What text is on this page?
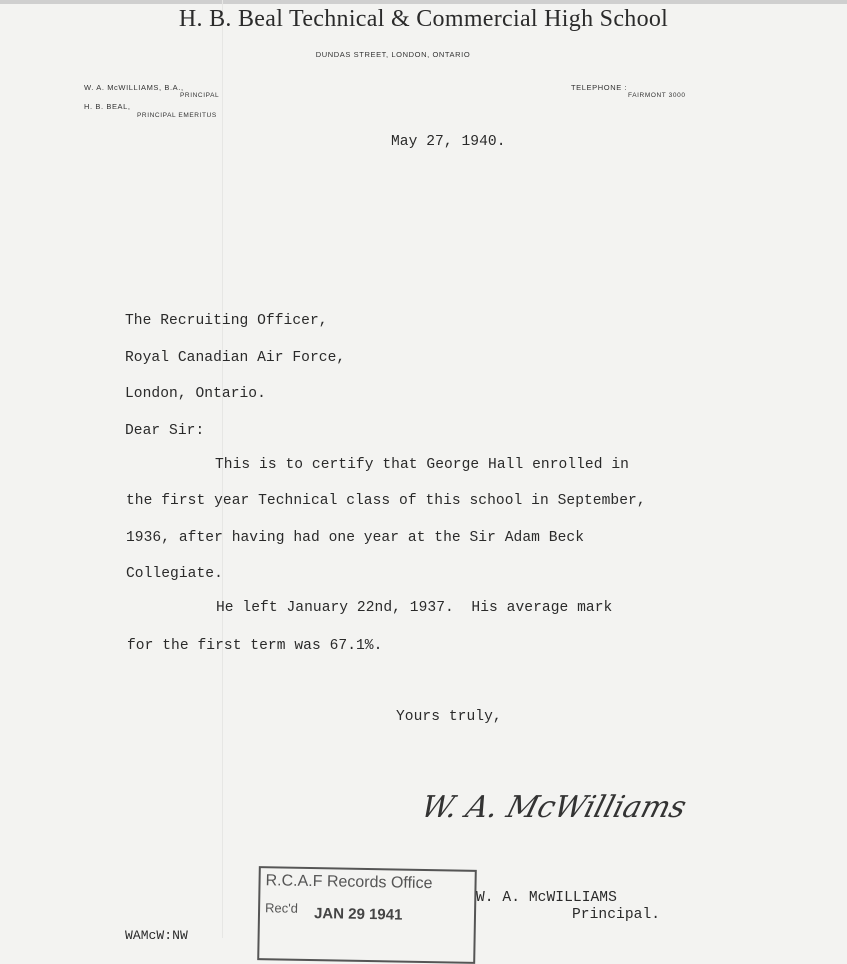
H. B. Beal Technical & Commercial High School
DUNDAS STREET, LONDON, ONTARIO
W. A. McWILLIAMS, B.A.,
PRINCIPAL
H. B. BEAL,
PRINCIPAL EMERITUS
TELEPHONE :
FAIRMONT 3000
May 27, 1940.
The Recruiting Officer,
Royal Canadian Air Force,
London, Ontario.
Dear Sir:
This is to certify that George Hall enrolled in
the first year Technical class of this school in September,
1936, after having had one year at the Sir Adam Beck
Collegiate.
He left January 22nd, 1937.  His average mark
for the first term was 67.1%.
Yours truly,
W. A. McWilliams
R.C.A.F Records Office
Rec'd JAN 29 1941
W. A. McWILLIAMS
Principal.
WAMcW:NW
